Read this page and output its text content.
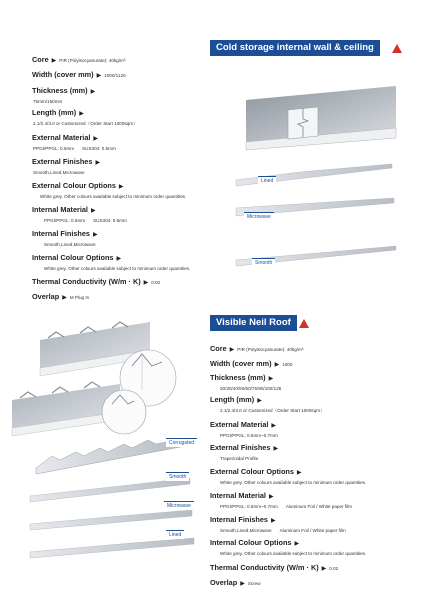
Cold storage internal wall & ceiling
Core ▶ PIR (Polyisocyanurate): 40kg/m³
Width (cover mm) ▶ 1000/1120
Thickness (mm) ▶
75mm/150mm
Length (mm) ▶
2.1/2.4/3.0 or Customized（Order Start 1000sqm）
External Material ▶
PPGI/PPGL: 0.6mm SUS304: 0.5mm
External Finishes ▶
Smooth,Lined,Microwave
External Colour Options ▶
White grey. Other colours available subject to minimum order quantities.
Internal Material ▶
PPGI/PPGL: 0.6mm SUS304: 0.5mm
Internal Finishes ▶
Smooth,Lined,Microwave
Internal Colour Options ▶
White grey. Other colours available subject to minimum order quantities.
Thermal Conductivity (W/m · K) ▶ 0.02
Overlap ▶ M Plug In
Lined
Microwave
Smooth
Visible Neil Roof
Core ▶ PIR (Polyisocyanurate): 40kg/m³
Width (cover mm) ▶ 1000
Thickness (mm) ▶
20/30/40/50/60/75/80/100/125
Length (mm) ▶
2.1/2.4/3.0 or Customized（Order Start 1000sqm）
External Material ▶
PPGI/PPGL: 0.6mm~0.7mm
External Finishes ▶
Trapezoidal Profile
External Colour Options ▶
White grey. Other colours available subject to minimum order quantities.
Internal Material ▶
PPGI/PPGL: 0.6mm~0.7mm Aluminum Foil / White paper film
Internal Finishes ▶
Smooth,Lined,Microwave Aluminum Foil / White paper film
Internal Colour Options ▶
White grey. Other colours available subject to minimum order quantities.
Thermal Conductivity (W/m · K) ▶ 0.02
Overlap ▶ Screw
Corrugated
Smooth
Microwave
Lined
